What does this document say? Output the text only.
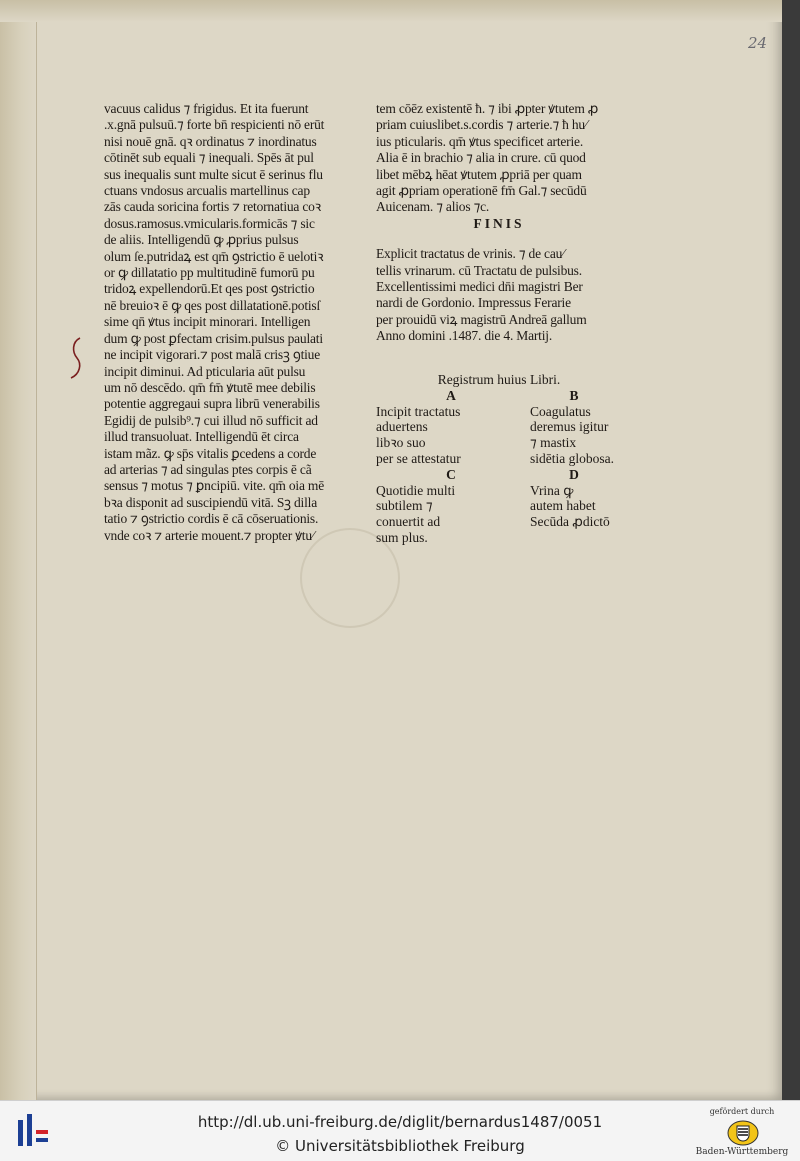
24
vacuus calidus ⁊ frigidus. Et ita fuerunt
.x.gnā pulsuū.⁊ forte bn̄ respicienti nō erūt
nisi nouē gnā. qꝛ ordinatus ⁊ inordinatus
cōtinēt sub equali ⁊ inequali. Spēs āt pul
sus inequalis sunt multe sicut ē serinus flu
ctuans vndosus arcualis martellinus cap
zās cauda soricina fortis ⁊ retornatiua coꝛ
dosus.ramosus.vmicularis.formicās ⁊ sic
de aliis. Intelligendū ꝙ ꝓprius pulsus
olum ſe.putridaꝝ est qm̄ ꝯstrictio ē uelotiꝛ
or ꝙ dillatatio pp multitudinē fumorū pu
tridoꝝ expellendorū.Et qes post ꝯstrictio
nē breuioꝛ ē ꝙ qes post dillatationē.potisſ
sime qn̄ ꝟtus incipit minorari. Intelligen
dum ꝙ post ꝑfectam crisim.pulsus paulati
ne incipit vigorari.⁊ post malā crisꝫ ꝯtiue
incipit diminui. Ad pticularia aūt pulsu
um nō descēdo. qm̄ fm̄ ꝟtutē mee debilis
potentie aggregaui supra librū venerabilis
Egidij de pulsib⁹.⁊ cui illud nō sufficit ad
illud transuoluat. Intelligendū ēt circa
istam mãz. ꝙ sp̄s vitalis ꝑcedens a corde
ad arterias ⁊ ad singulas ptes corpis ē cã
sensus ⁊ motus ⁊ ꝑncipiū. vite. qm̄ oia mē
bꝛa disponit ad suscipiendū vitā. Sꝫ dilla
tatio ⁊ ꝯstrictio cordis ē cā cōseruationis.
vnde coꝛ ⁊ arterie mouent.⁊ propter ꝟtu⁄
tem cōēz existentē ħ. ⁊ ibi ꝓpter ꝟtutem ꝓ
priam cuiuslibet.s.cordis ⁊ arterie.⁊ ħ hu⁄
ius pticularis. qm̄ ꝟtus specificet arterie.
Alia ē in brachio ⁊ alia in crure. cū quod
libet mēbꝝ hēat ꝟtutem ꝓpriā per quam
agit ꝓpriam operationē fm̄ Gal.⁊ secūdū
Auicenam. ⁊ alios ⁊c.
FINIS
Explicit tractatus de vrinis. ⁊ de cau⁄
tellis vrinarum. cū Tractatu de pulsibus.
Excellentissimi medici dn̄i magistri Ber
nardi de Gordonio. Impressus Ferarie
per prouidū viꝝ magistrū Andreā gallum
Anno domini .1487. die 4. Martij.
Registrum huius Libri.
A	B
Incipit tractatus	Coagulatus
aduertens	deremus igitur
libꝛo suo	⁊ mastix
per se attestatur	sidētia globosa.
C	D
Quotidie multi	Vrina ꝙ
subtilem ⁊	autem habet
conuertit ad	Secūda ꝓdictō
sum plus.
http://dl.ub.uni-freiburg.de/diglit/bernardus1487/0051
© Universitätsbibliothek Freiburg
gefördert durch
Baden-Württemberg
